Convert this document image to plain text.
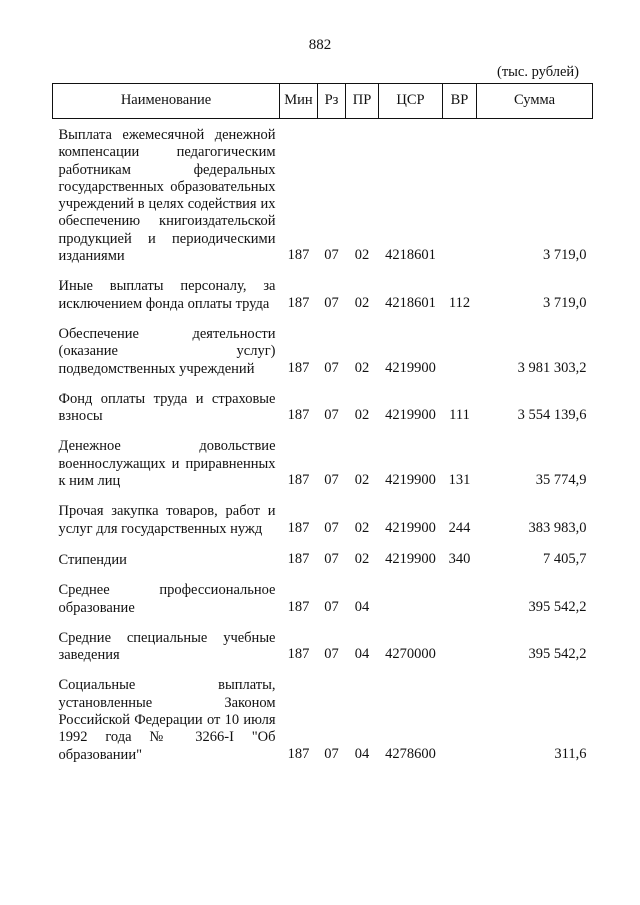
882
(тыс. рублей)
Наименование	Мин	Рз	ПР	ЦСР	ВР	Сумма
Выплата ежемесячной денежной компенсации педагогическим работникам федеральных государственных образовательных учреждений в целях содействия их обеспечению книгоиздательской продукцией и периодическими изданиями	187	07	02	4218601		3 719,0
Иные выплаты персоналу, за исключением фонда оплаты труда	187	07	02	4218601	112	3 719,0
Обеспечение деятельности (оказание услуг) подведомственных учреждений	187	07	02	4219900		3 981 303,2
Фонд оплаты труда и страховые взносы	187	07	02	4219900	111	3 554 139,6
Денежное довольствие военнослужащих и приравненных к ним лиц	187	07	02	4219900	131	35 774,9
Прочая закупка товаров, работ и услуг для государственных нужд	187	07	02	4219900	244	383 983,0
Стипендии	187	07	02	4219900	340	7 405,7
Среднее профессиональное образование	187	07	04			395 542,2
Средние специальные учебные заведения	187	07	04	4270000		395 542,2
Социальные выплаты, установленные Законом Российской Федерации от 10 июля 1992 года № 3266-I "Об образовании"	187	07	04	4278600		311,6
